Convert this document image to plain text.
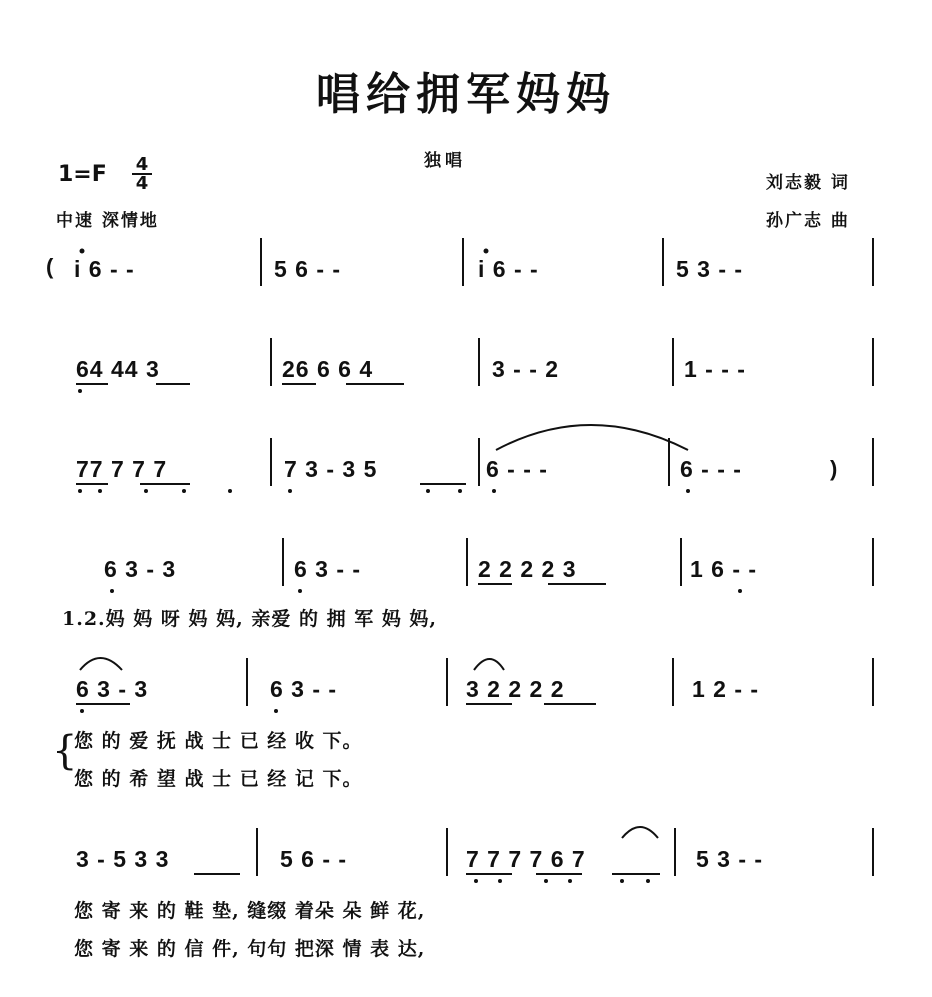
唱给拥军妈妈
独唱
$1=F \frac{4}{4}$
中速 深情地
刘志毅 词
孙广志 曲
( i 6 - -	5 6 - -	i 6 - -	5 3 - -
64 44 3	26 6 6 4	3 - - 2	1 - - -
77 7 7 7	7 3 - 3 5	6 - - -	6 - - -	)
6 3 - 3	6 3 - -	2 2 2 2 3	1 6 - -
1.2.妈 妈 呀 妈 妈, 亲爱 的 拥 军 妈 妈,
6 3 - 3	6 3 - -	3 2 2 2 2	1 2 - -
{
您 的 爱 抚 战 士 已 经 收 下。
您 的 希 望 战 士 已 经 记 下。
3 - 5 3 3	5 6 - -	7 7 7 7 6 7	5 3 - -
您 寄 来 的 鞋 垫, 缝缀 着朵 朵 鲜 花,
您 寄 来 的 信 件, 句句 把深 情 表 达,
